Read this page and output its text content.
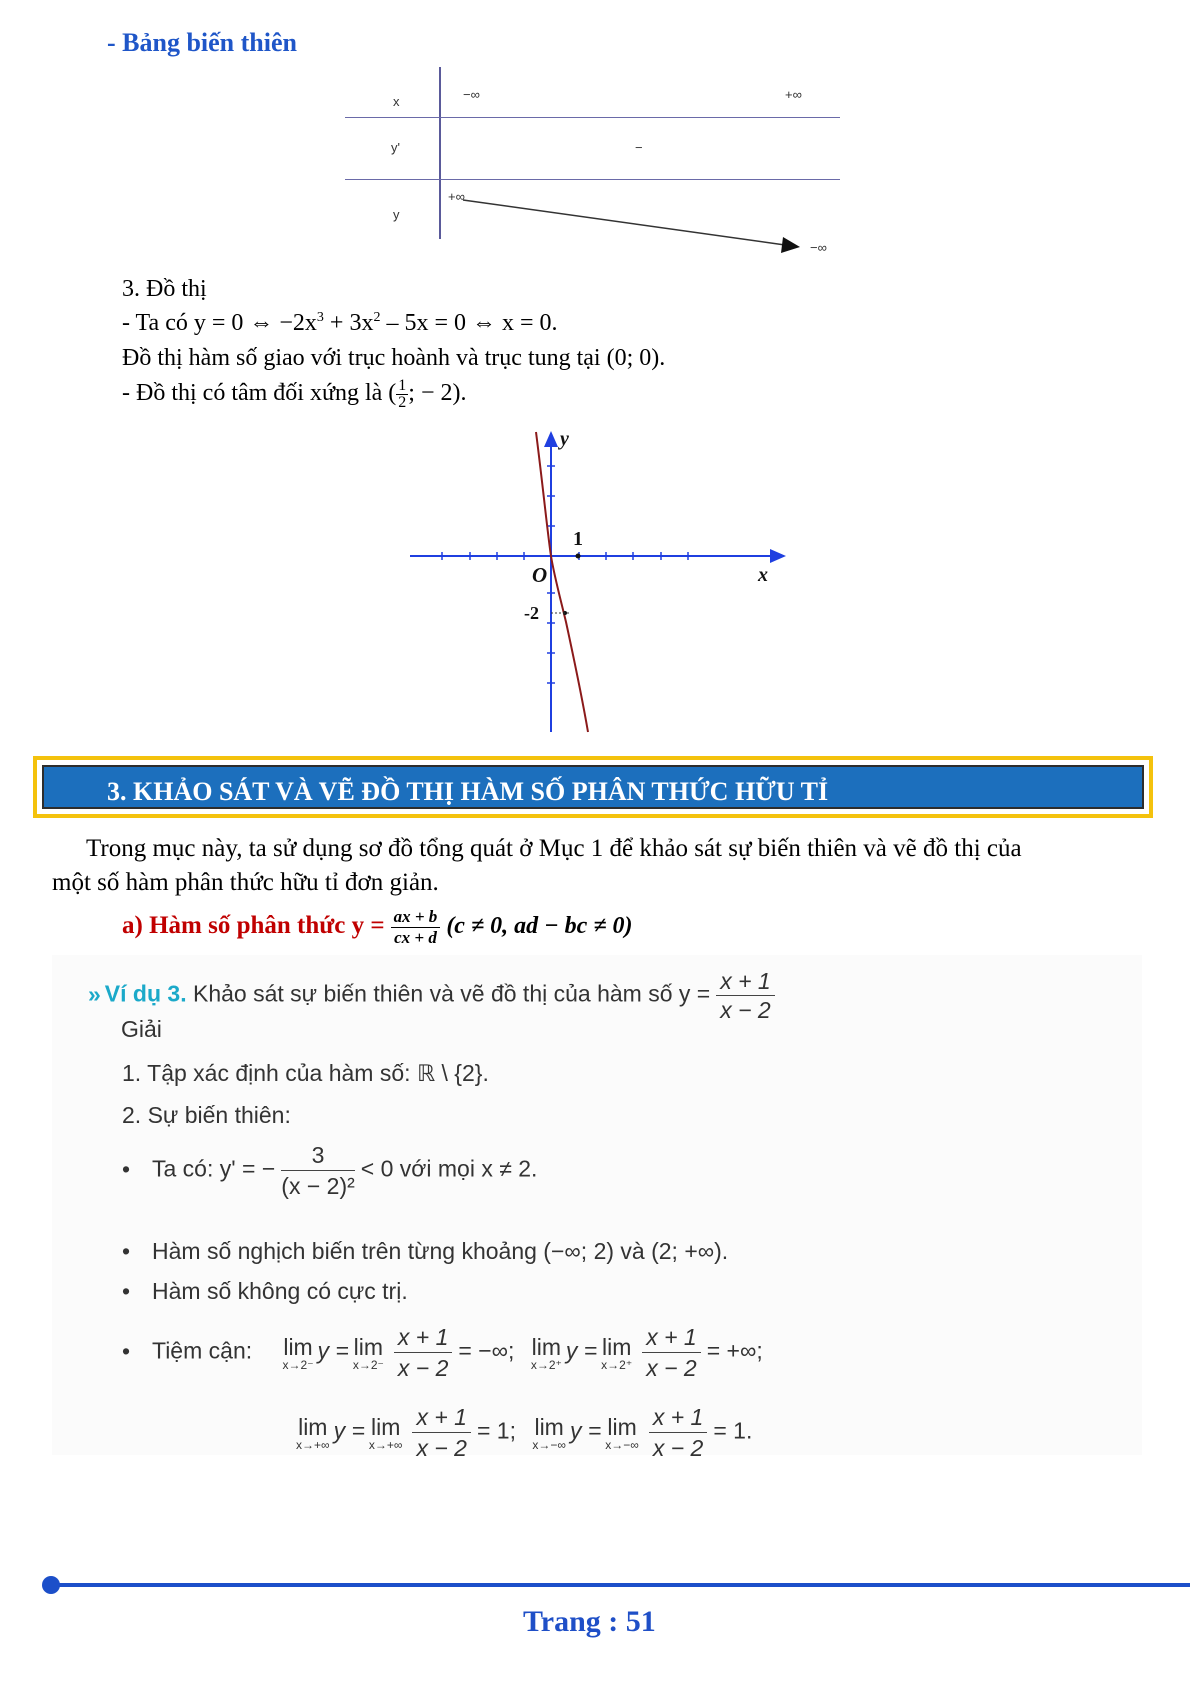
- Bảng biến thiên
x
y'
y
−∞	+∞
−
+∞
−∞
3. Đồ thị
- Ta có y = 0 ⇔ $-2x^3 + 3x^2 - 5x = 0$ ⇔ x = 0.
Đồ thị hàm số giao với trục hoành và trục tung tại (0; 0).
- Đồ thị có tâm đối xứng là ( $\frac{1}{2}$ ; − 2).
y
x
O
1
-2
3. KHẢO SÁT VÀ VẼ ĐỒ THỊ HÀM SỐ PHÂN THỨC HỮU TỈ
Trong mục này, ta sử dụng sơ đồ tổng quát ở Mục 1 để khảo sát sự biến thiên và vẽ đồ thị của
một số hàm phân thức hữu tỉ đơn giản.
a) Hàm số phân thức $y = \frac{ax + b}{cx + d} (c \ne 0$, ad − bc ≠ 0)
» Ví dụ 3. Khảo sát sự biến thiên và vẽ đồ thị của hàm số $y = \frac{x + 1}{x - 2}$
Giải
1. Tập xác định của hàm số: ℝ \ {2}.
2. Sự biến thiên:
• Ta có: y' = − $\frac{3}{\text{(x − 2)²}} < 0$ với mọi x ≠ 2.
• Hàm số nghịch biến trên từng khoảng (−∞; 2) và (2; +∞).
• Hàm số không có cực trị.
• Tiệm cận: lim
x→2⁻
y = lim
$x\to 2^- \frac{x + 1}{x - 2}$ = −∞; lim
x→2⁺
y = lim
$x\to 2^+ \frac{x + 1}{x - 2}$ = +∞;
lim
x→+∞
y = lim
$x\to+\infty \frac{x + 1}{x - 2} = 1$; lim
x→−∞
y = lim
$x\to-\infty \frac{x + 1}{x - 2} = 1$.
Trang : 51
